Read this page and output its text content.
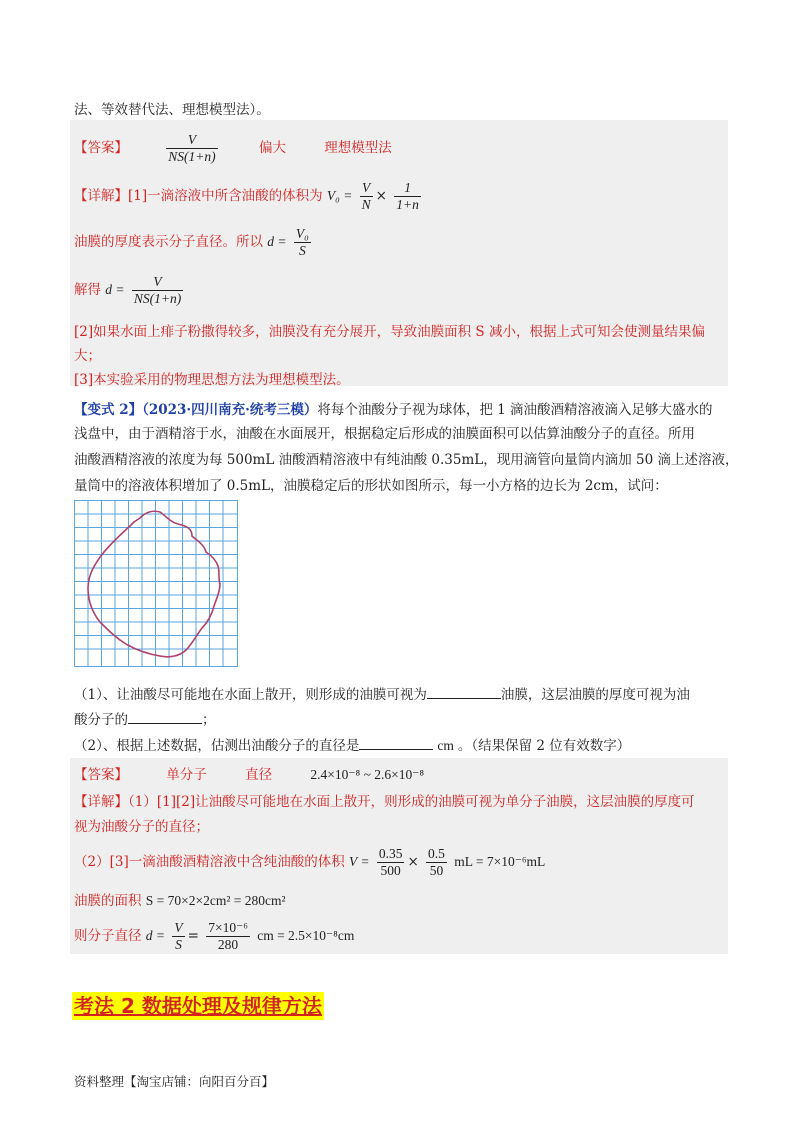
法、等效替代法、理想模型法）。
【答案】	$\frac{V}{NS(1+n)}$	偏大	理想模型法
【详解】[1]一滴溶液中所含油酸的体积为 $V_0 = \frac{V}{N} \times \frac{1}{1+n}$
油膜的厚度表示分子直径。所以 $d = \frac{\text{V₀}}{S}$
解得 $d = \frac{V}{NS(1+n)}$
[2]如果水面上痱子粉撒得较多，油膜没有充分展开，导致油膜面积 S 减小，根据上式可知会使测量结果偏
大；
[3]本实验采用的物理思想方法为理想模型法。
【变式 2】（2023·四川南充·统考三模）将每个油酸分子视为球体，把 1 滴油酸酒精溶液滴入足够大盛水的
浅盘中，由于酒精溶于水，油酸在水面展开，根据稳定后形成的油膜面积可以估算油酸分子的直径。所用
油酸酒精溶液的浓度为每 500mL 油酸酒精溶液中有纯油酸 0.35mL，现用滴管向量筒内滴加 50 滴上述溶液，
量筒中的溶液体积增加了 0.5mL，油膜稳定后的形状如图所示，每一小方格的边长为 2cm，试问：
（1）、让油酸尽可能地在水面上散开，则形成的油膜可视为	油膜，这层油膜的厚度可视为油
酸分子的	；
（2）、根据上述数据，估测出油酸分子的直径是	cm 。（结果保留 2 位有效数字）
【答案】	单分子	直径	2.4×10⁻⁸ ~ 2.6×10⁻⁸
【详解】（1）[1][2]让油酸尽可能地在水面上散开，则形成的油膜可视为单分子油膜，这层油膜的厚度可
视为油酸分子的直径；
（2）[3]一滴油酸酒精溶液中含纯油酸的体积 $V = \frac{0.35}{500} \times \frac{0.5}{50}$ mL = 7×10⁻⁶mL
油膜的面积 S = 70×2×2cm² = 280cm²
则分子直径 $d = \frac{V}{S} = \frac{\text{7×10⁻⁶}}{280}$ cm = 2.5×10⁻⁸cm
考法 2 数据处理及规律方法
资料整理【淘宝店铺：向阳百分百】
